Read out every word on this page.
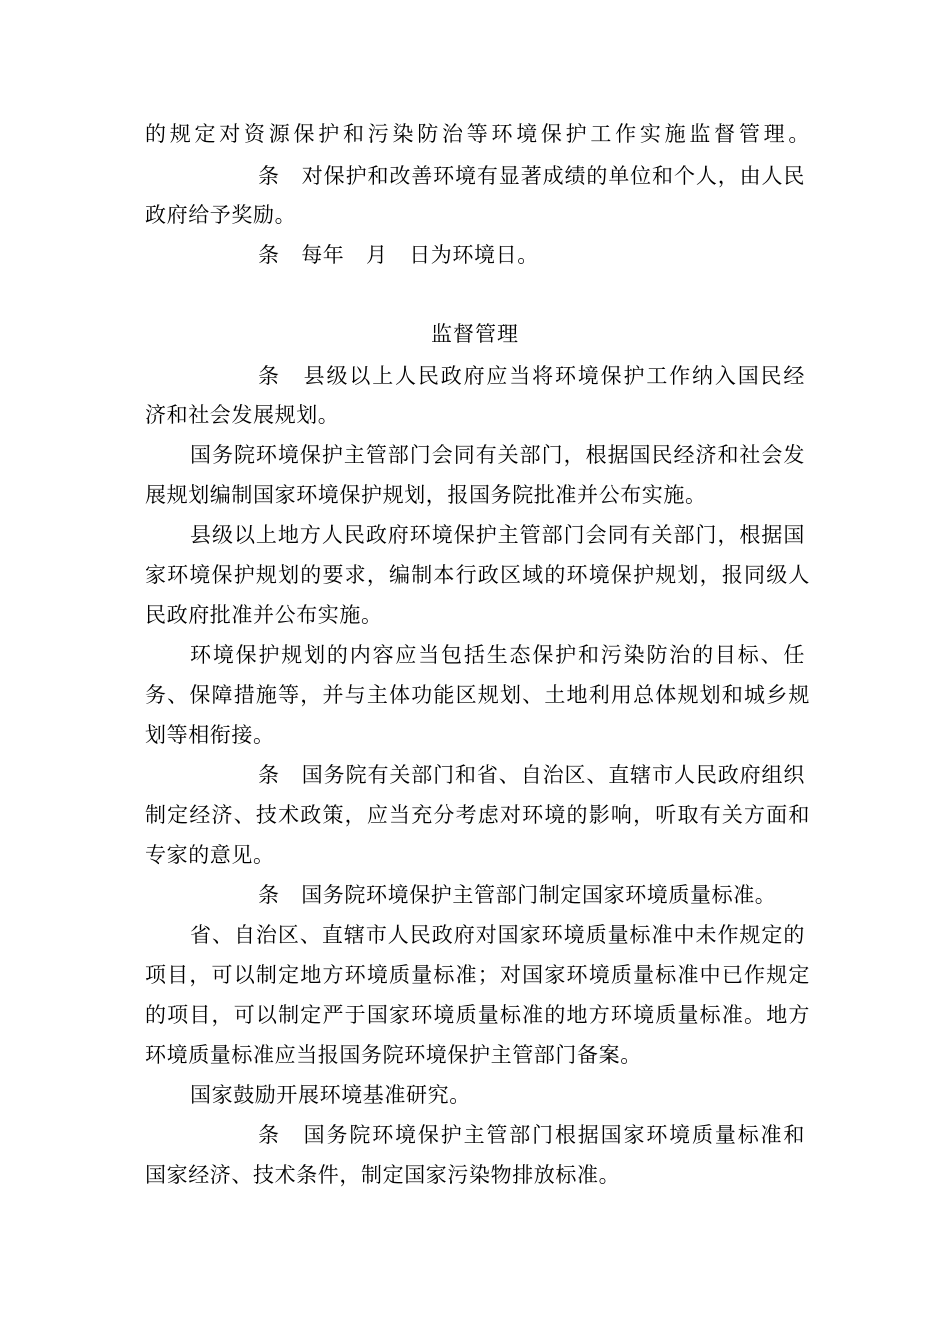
的规定对资源保护和污染防治等环境保护工作实施监督管理。
条　对保护和改善环境有显著成绩的单位和个人，由人民
政府给予奖励。
条　每年　月　日为环境日。
监督管理
条　县级以上人民政府应当将环境保护工作纳入国民经
济和社会发展规划。
国务院环境保护主管部门会同有关部门，根据国民经济和社会发
展规划编制国家环境保护规划，报国务院批准并公布实施。
县级以上地方人民政府环境保护主管部门会同有关部门，根据国
家环境保护规划的要求，编制本行政区域的环境保护规划，报同级人
民政府批准并公布实施。
环境保护规划的内容应当包括生态保护和污染防治的目标、任
务、保障措施等，并与主体功能区规划、土地利用总体规划和城乡规
划等相衔接。
条　国务院有关部门和省、自治区、直辖市人民政府组织
制定经济、技术政策，应当充分考虑对环境的影响，听取有关方面和
专家的意见。
条　国务院环境保护主管部门制定国家环境质量标准。
省、自治区、直辖市人民政府对国家环境质量标准中未作规定的
项目，可以制定地方环境质量标准；对国家环境质量标准中已作规定
的项目，可以制定严于国家环境质量标准的地方环境质量标准。地方
环境质量标准应当报国务院环境保护主管部门备案。
国家鼓励开展环境基准研究。
条　国务院环境保护主管部门根据国家环境质量标准和
国家经济、技术条件，制定国家污染物排放标准。
